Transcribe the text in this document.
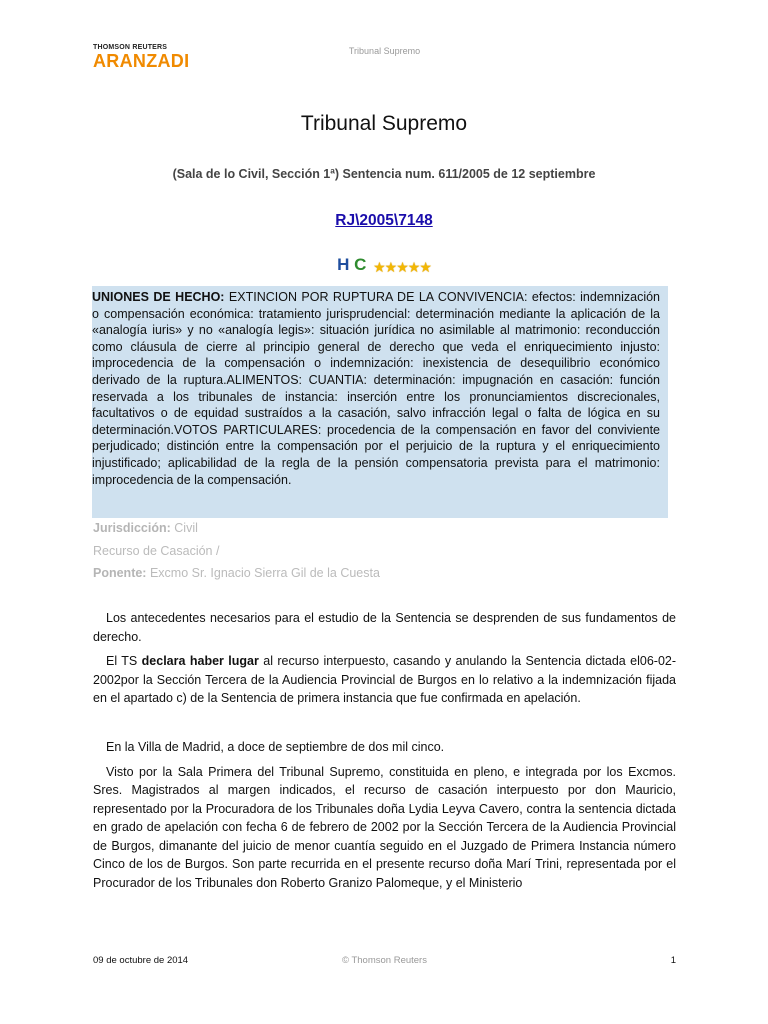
THOMSON REUTERS
ARANZADI	Tribunal Supremo
Tribunal Supremo
(Sala de lo Civil, Sección 1ª) Sentencia num. 611/2005 de 12 septiembre
RJ\2005\7148
H C ★★★★★
UNIONES DE HECHO: EXTINCION POR RUPTURA DE LA CONVIVENCIA: efectos: indemnización o compensación económica: tratamiento jurisprudencial: determinación mediante la aplicación de la «analogía iuris» y no «analogía legis»: situación jurídica no asimilable al matrimonio: reconducción como cláusula de cierre al principio general de derecho que veda el enriquecimiento injusto: improcedencia de la compensación o indemnización: inexistencia de desequilibrio económico derivado de la ruptura.ALIMENTOS: CUANTIA: determinación: impugnación en casación: función reservada a los tribunales de instancia: inserción entre los pronunciamientos discrecionales, facultativos o de equidad sustraídos a la casación, salvo infracción legal o falta de lógica en su determinación.VOTOS PARTICULARES: procedencia de la compensación en favor del conviviente perjudicado; distinción entre la compensación por el perjuicio de la ruptura y el enriquecimiento injustificado; aplicabilidad de la regla de la pensión compensatoria prevista para el matrimonio: improcedencia de la compensación.
Jurisdicción: Civil
Recurso de Casación /
Ponente: Excmo Sr. Ignacio Sierra Gil de la Cuesta

Los antecedentes necesarios para el estudio de la Sentencia se desprenden de sus fundamentos de derecho.

El TS declara haber lugar al recurso interpuesto, casando y anulando la Sentencia dictada el06-02-2002por la Sección Tercera de la Audiencia Provincial de Burgos en lo relativo a la indemnización fijada en el apartado c) de la Sentencia de primera instancia que fue confirmada en apelación.

En la Villa de Madrid, a doce de septiembre de dos mil cinco.

Visto por la Sala Primera del Tribunal Supremo, constituida en pleno, e integrada por los Excmos. Sres. Magistrados al margen indicados, el recurso de casación interpuesto por don Mauricio, representado por la Procuradora de los Tribunales doña Lydia Leyva Cavero, contra la sentencia dictada en grado de apelación con fecha 6 de febrero de 2002 por la Sección Tercera de la Audiencia Provincial de Burgos, dimanante del juicio de menor cuantía seguido en el Juzgado de Primera Instancia número Cinco de los de Burgos. Son parte recurrida en el presente recurso doña Marí Trini, representada por el Procurador de los Tribunales don Roberto Granizo Palomeque, y el Ministerio

09 de octubre de 2014	© Thomson Reuters	1
